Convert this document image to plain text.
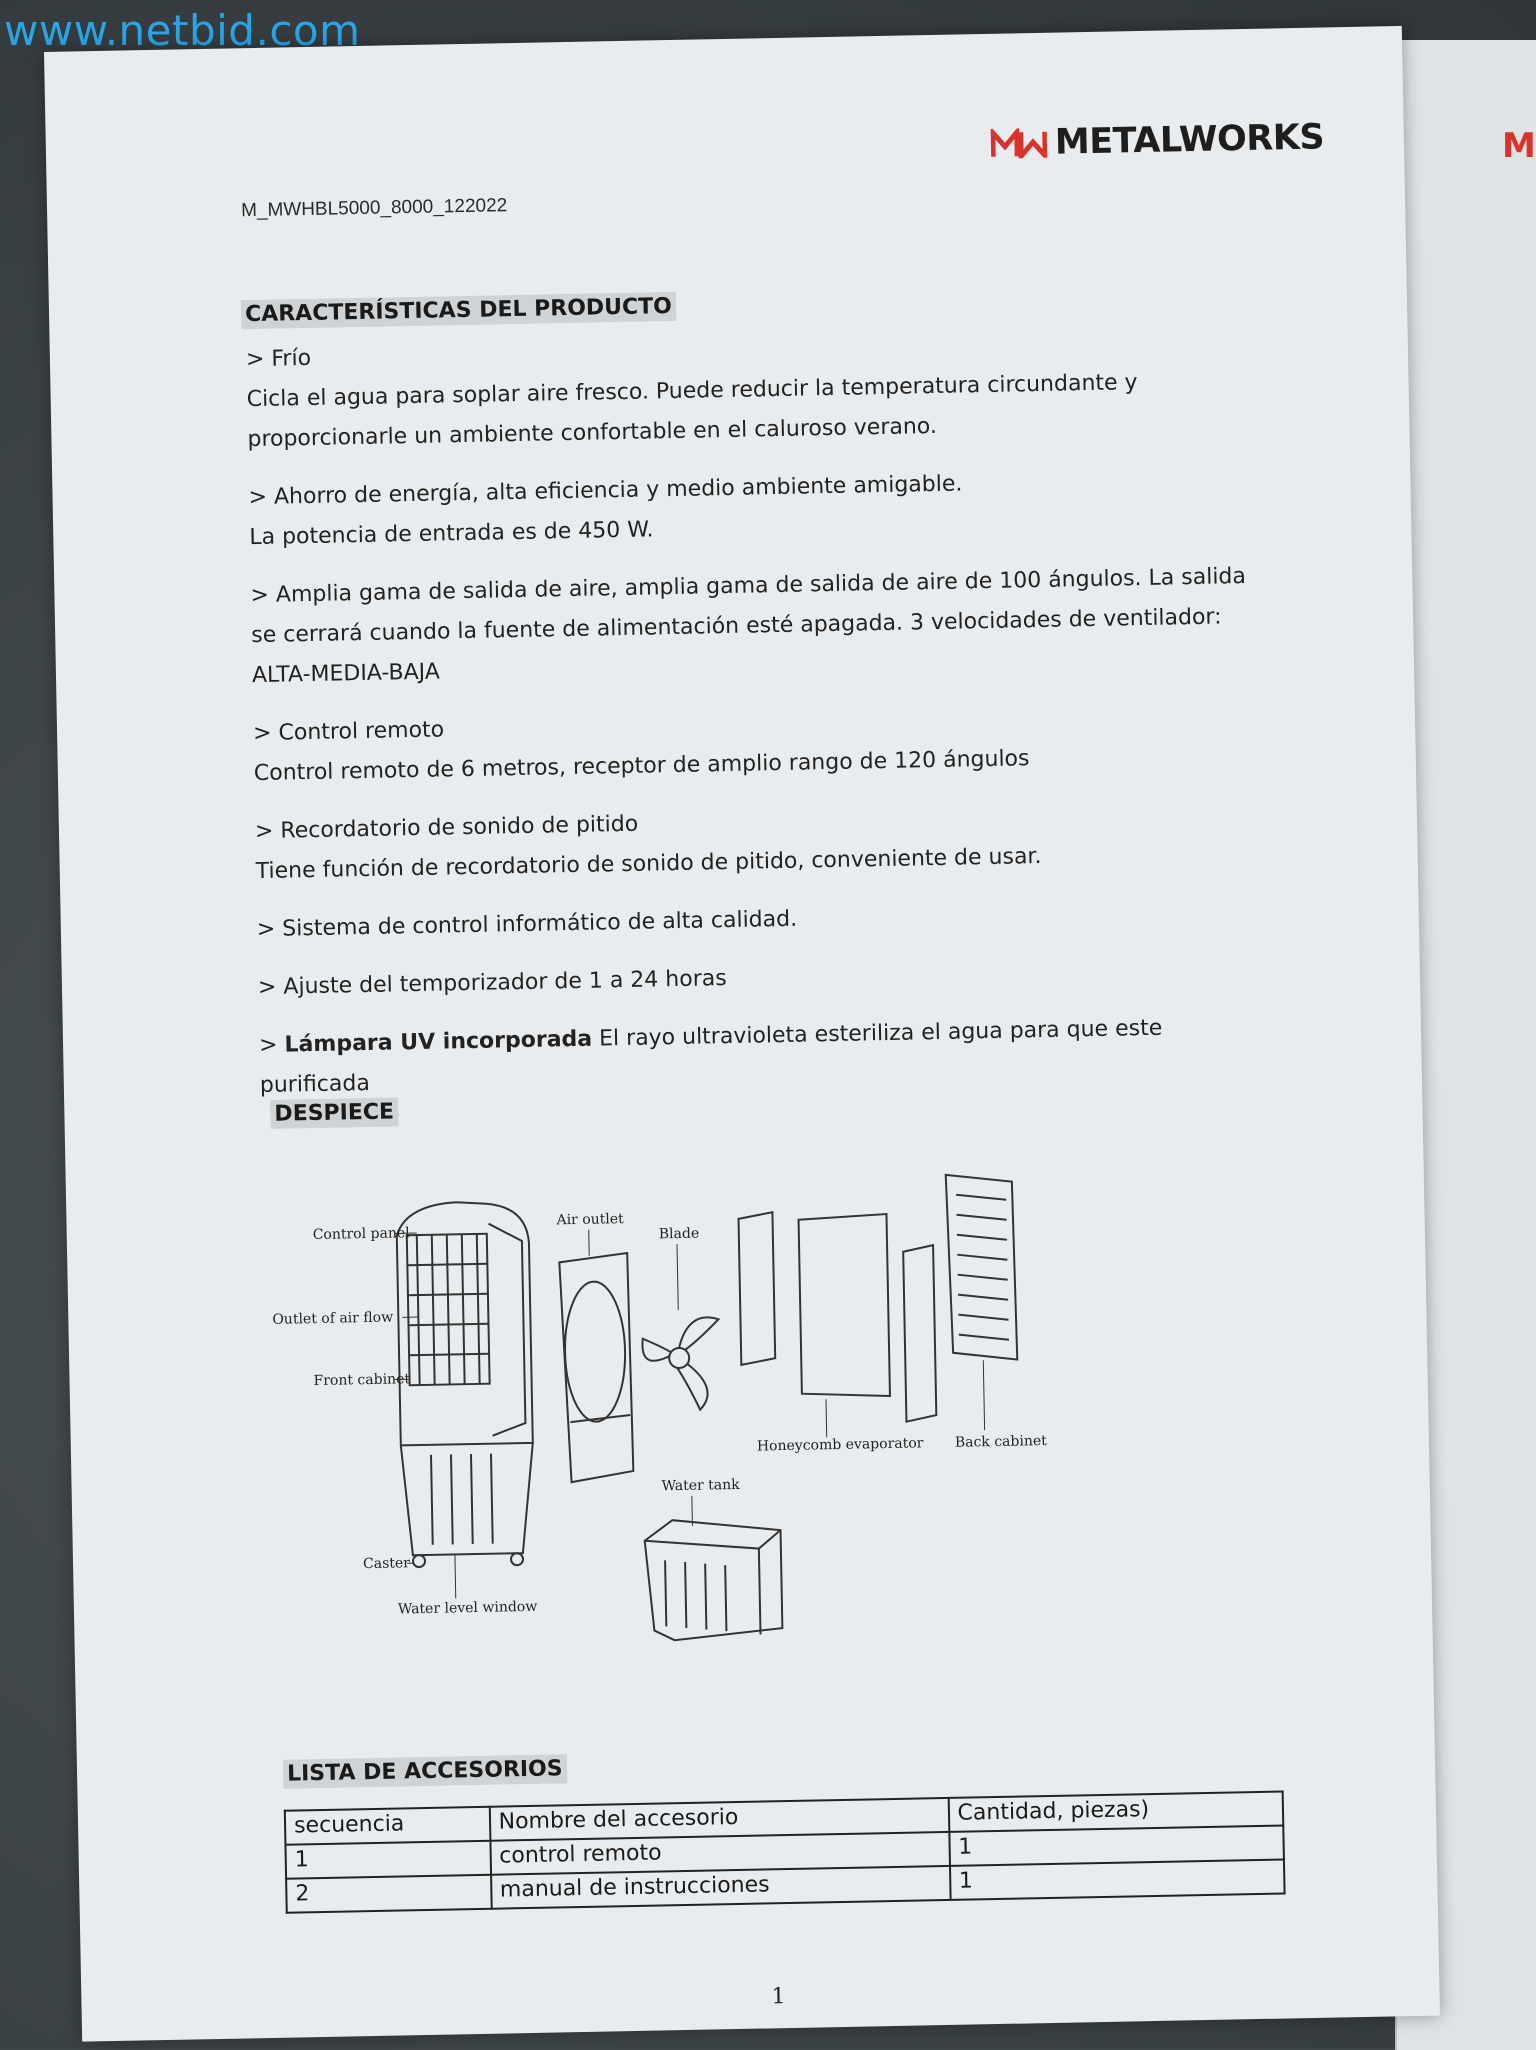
www.netbid.com
M
METALWORKS
M_MWHBL5000_8000_122022
CARACTERÍSTICAS DEL PRODUCTO

> Frío

Cicla el agua para soplar aire fresco. Puede reducir la temperatura circundante y proporcionarle un ambiente confortable en el caluroso verano.

> Ahorro de energía, alta eficiencia y medio ambiente amigable.

La potencia de entrada es de 450 W.

> Amplia gama de salida de aire, amplia gama de salida de aire de 100 ángulos. La salida se cerrará cuando la fuente de alimentación esté apagada. 3 velocidades de ventilador: ALTA-MEDIA-BAJA

> Control remoto

Control remoto de 6 metros, receptor de amplio rango de 120 ángulos

> Recordatorio de sonido de pitido

Tiene función de recordatorio de sonido de pitido, conveniente de usar.

> Sistema de control informático de alta calidad.

> Ajuste del temporizador de 1 a 24 horas

> Lámpara UV incorporada El rayo ultravioleta esteriliza el agua para que este purificada

DESPIECE
Control panel
Outlet of air flow
Front cabinet
Caster
Water level window
Air outlet
Blade
Honeycomb evaporator Back cabinet
Water tank
LISTA DE ACCESORIOS
secuencia	Nombre del accesorio	Cantidad, piezas)
1	control remoto	1
2	manual de instrucciones	1
1
